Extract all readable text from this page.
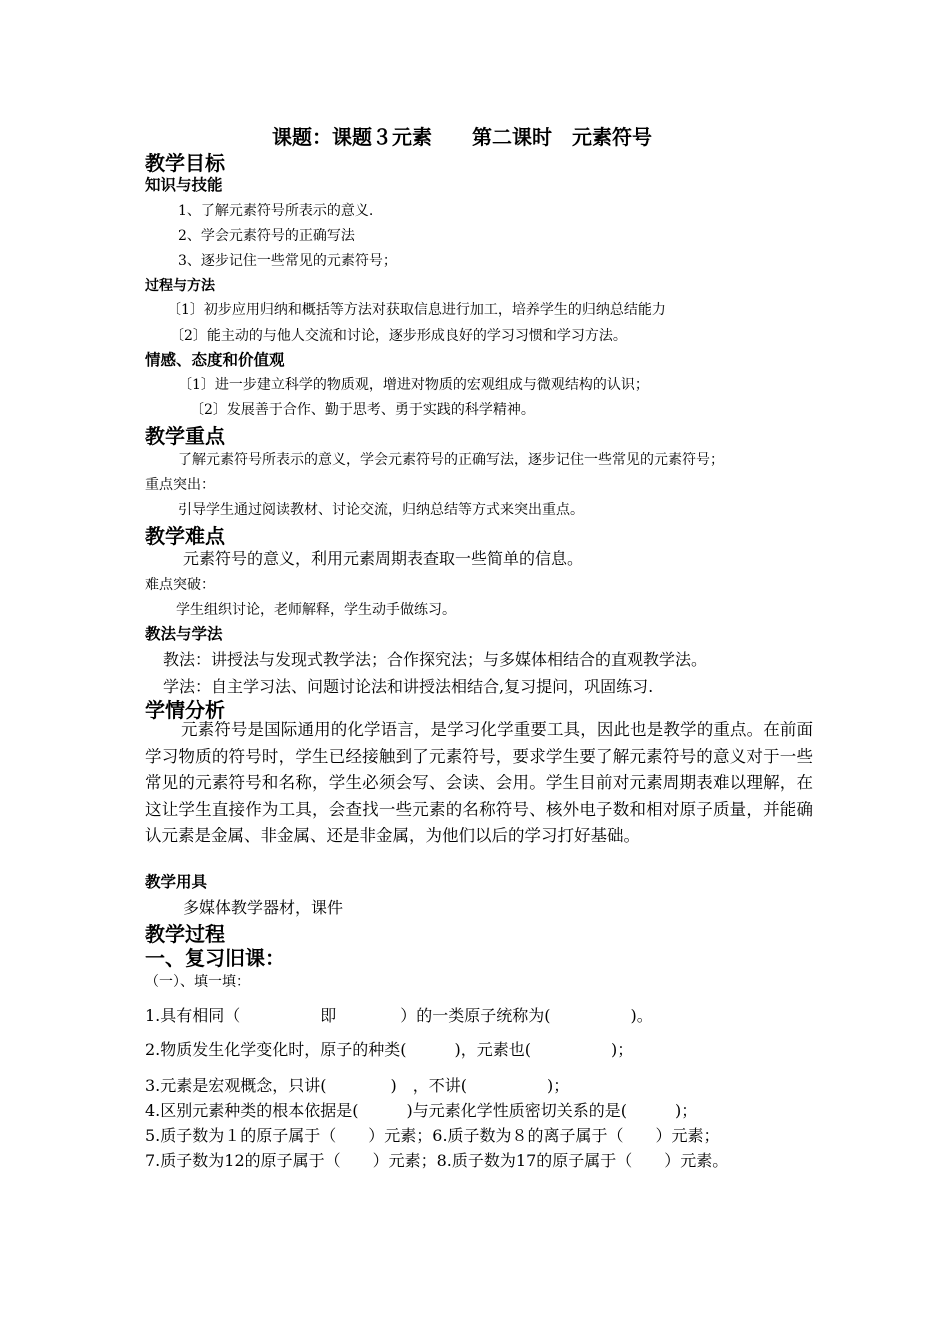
课题：课题３元素　　第二课时　元素符号
教学目标
知识与技能
1、了解元素符号所表示的意义.
2、学会元素符号的正确写法
3、逐步记住一些常见的元素符号；
过程与方法
〔1〕初步应用归纳和概括等方法对获取信息进行加工，培养学生的归纳总结能力
〔2〕能主动的与他人交流和讨论，逐步形成良好的学习习惯和学习方法。
情感、态度和价值观
〔1〕进一步建立科学的物质观，增进对物质的宏观组成与微观结构的认识；
〔2〕发展善于合作、勤于思考、勇于实践的科学精神。
教学重点
了解元素符号所表示的意义，学会元素符号的正确写法，逐步记住一些常见的元素符号；
重点突出：
引导学生通过阅读教材、讨论交流，归纳总结等方式来突出重点。
教学难点
元素符号的意义，利用元素周期表查取一些简单的信息。
难点突破：
学生组织讨论，老师解释，学生动手做练习。
教法与学法
教法：讲授法与发现式教学法；合作探究法；与多媒体相结合的直观教学法。
学法：自主学习法、问题讨论法和讲授法相结合,复习提问，巩固练习.
学情分析
元素符号是国际通用的化学语言，是学习化学重要工具，因此也是教学的重点。在前面学习物质的符号时，学生已经接触到了元素符号，要求学生要了解元素符号的意义对于一些常见的元素符号和名称，学生必须会写、会读、会用。学生目前对元素周期表难以理解，在这让学生直接作为工具，会查找一些元素的名称符号、核外电子数和相对原子质量，并能确认元素是金属、非金属、还是非金属，为他们以后的学习打好基础。
教学用具
多媒体教学器材，课件
教学过程
一、复习旧课：
（一）、填一填：
1.具有相同（　　　　　即　　　　）的一类原子统称为(　　　　　)。
2.物质发生化学变化时，原子的种类(　　　)，元素也(　　　　　)；
3.元素是宏观概念，只讲(　　　　)　，不讲(　　　　　)；
4.区别元素种类的根本依据是(　　　)与元素化学性质密切关系的是(　　　)；
5.质子数为１的原子属于（　　）元素；6.质子数为８的离子属于（　　）元素；
7.质子数为12的原子属于（　　）元素；8.质子数为17的原子属于（　　）元素。
